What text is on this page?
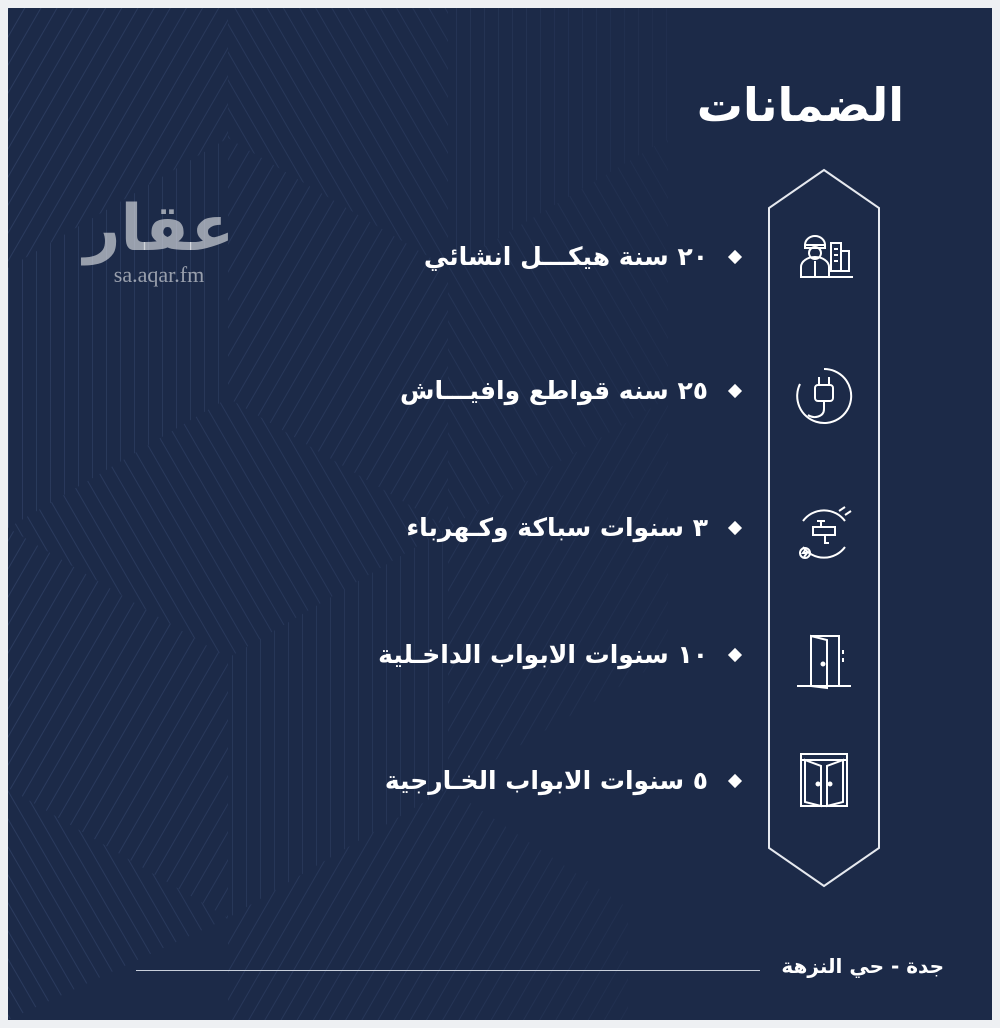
الضمانات
عقار
sa.aqar.fm
٢٠ سنة هيكـــل انشائي
٢٥ سنه قواطع وافيـــاش
٣ سنوات سباكة وكـهرباء
١٠ سنوات الابواب الداخـلية
٥ سنوات الابواب الخـارجية
جدة - حي النزهة
